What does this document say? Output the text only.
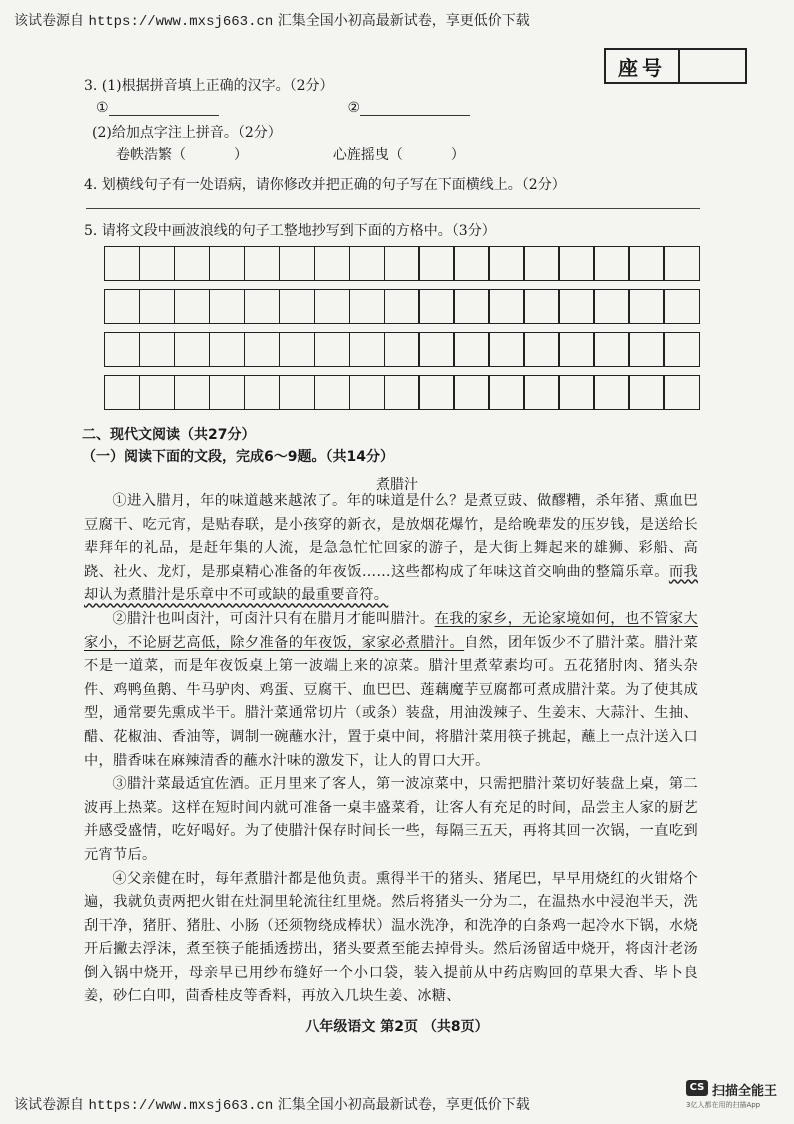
该试卷源自 https://www.mxsj663.cn 汇集全国小初高最新试卷，享更低价下载
座号
3. (1)根据拼音填上正确的汉字。（2分）
①	②
(2)给加点字注上拼音。（2分）
卷帙浩繁（	）	心旌摇曳（	）
4. 划横线句子有一处语病，请你修改并把正确的句子写在下面横线上。（2分）
5. 请将文段中画波浪线的句子工整地抄写到下面的方格中。（3分）
二、现代文阅读（共27分）
（一）阅读下面的文段，完成6～9题。（共14分）
煮腊汁

①进入腊月，年的味道越来越浓了。年的味道是什么？是煮豆豉、做醪糟，杀年猪、熏血巴豆腐干、吃元宵，是贴春联，是小孩穿的新衣，是放烟花爆竹，是给晚辈发的压岁钱，是送给长辈拜年的礼品，是赶年集的人流，是急急忙忙回家的游子，是大街上舞起来的雄狮、彩船、高跷、社火、龙灯，是那桌精心准备的年夜饭……这些都构成了年味这首交响曲的整篇乐章。而我却认为煮腊汁是乐章中不可或缺的最重要音符。

②腊汁也叫卤汁，可卤汁只有在腊月才能叫腊汁。在我的家乡，无论家境如何，也不管家大家小，不论厨艺高低，除夕准备的年夜饭，家家必煮腊汁。自然，团年饭少不了腊汁菜。腊汁菜不是一道菜，而是年夜饭桌上第一波端上来的凉菜。腊汁里煮荤素均可。五花猪肘肉、猪头杂件、鸡鸭鱼鹅、牛马驴肉、鸡蛋、豆腐干、血巴巴、莲藕魔芋豆腐都可煮成腊汁菜。为了使其成型，通常要先熏成半干。腊汁菜通常切片（或条）装盘，用油泼辣子、生姜末、大蒜汁、生抽、醋、花椒油、香油等，调制一碗蘸水汁，置于桌中间，将腊汁菜用筷子挑起，蘸上一点汁送入口中，腊香味在麻辣清香的蘸水汁味的激发下，让人的胃口大开。

③腊汁菜最适宜佐酒。正月里来了客人，第一波凉菜中，只需把腊汁菜切好装盘上桌，第二波再上热菜。这样在短时间内就可准备一桌丰盛菜肴，让客人有充足的时间，品尝主人家的厨艺并感受盛情，吃好喝好。为了使腊汁保存时间长一些，每隔三五天，再将其回一次锅，一直吃到元宵节后。

④父亲健在时，每年煮腊汁都是他负责。熏得半干的猪头、猪尾巴，早早用烧红的火钳烙个遍，我就负责两把火钳在灶洞里轮流往红里烧。然后将猪头一分为二，在温热水中浸泡半天，洗刮干净，猪肝、猪肚、小肠（还须物绕成棒状）温水洗净，和洗净的白条鸡一起冷水下锅，水烧开后撇去浮沫，煮至筷子能插透捞出，猪头要煮至能去掉骨头。然后汤留适中烧开，将卤汁老汤倒入锅中烧开，母亲早已用纱布缝好一个小口袋，装入提前从中药店购回的草果大香、毕卜良姜，砂仁白叩，茴香桂皮等香料，再放入几块生姜、冰糖、

八年级语文 第2页 （共8页）
CS 扫描全能王
3亿人都在用的扫描App
该试卷源自 https://www.mxsj663.cn 汇集全国小初高最新试卷，享更低价下载
